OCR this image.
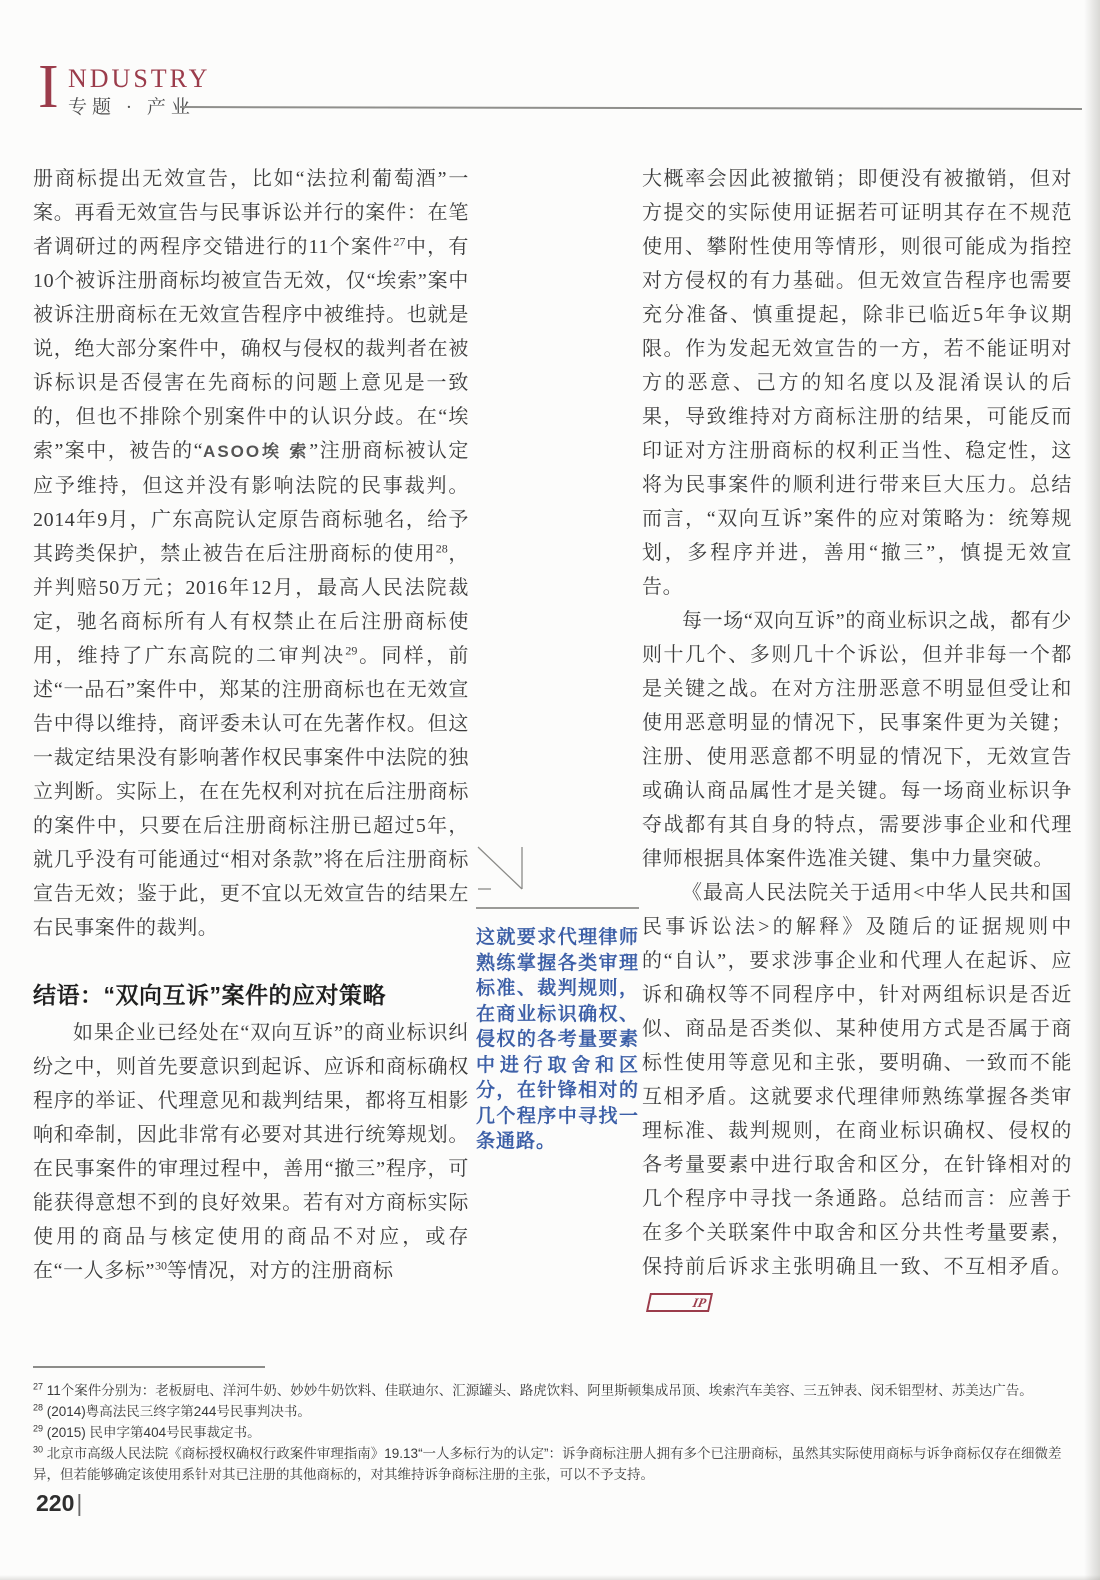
I NDUSTRY
专题 · 产业

册商标提出无效宣告，比如“法拉利葡萄酒”一案。再看无效宣告与民事诉讼并行的案件：在笔者调研过的两程序交错进行的11个案件$^{27}$中，有10个被诉注册商标均被宣告无效，仅“埃索”案中被诉注册商标在无效宣告程序中被维持。也就是说，绝大部分案件中，确权与侵权的裁判者在被诉标识是否侵害在先商标的问题上意见是一致的，但也不排除个别案件中的认识分歧。在“埃索”案中，被告的“ASOO埃 索”注册商标被认定应予维持，但这并没有影响法院的民事裁判。2014年9月，广东高院认定原告商标驰名，给予其跨类保护，禁止被告在后注册商标的使用$^{28}$，并判赔50万元；2016年12月，最高人民法院裁定，驰名商标所有人有权禁止在后注册商标使用，维持了广东高院的二审判决$^{29}$。同样，前述“一品石”案件中，郑某的注册商标也在无效宣告中得以维持，商评委未认可在先著作权。但这一裁定结果没有影响著作权民事案件中法院的独立判断。实际上，在在先权利对抗在后注册商标的案件中，只要在后注册商标注册已超过5年，就几乎没有可能通过“相对条款”将在后注册商标宣告无效；鉴于此，更不宜以无效宣告的结果左右民事案件的裁判。

结语：“双向互诉”案件的应对策略

如果企业已经处在“双向互诉”的商业标识纠纷之中，则首先要意识到起诉、应诉和商标确权程序的举证、代理意见和裁判结果，都将互相影响和牵制，因此非常有必要对其进行统筹规划。在民事案件的审理过程中，善用“撤三”程序，可能获得意想不到的良好效果。若有对方商标实际使用的商品与核定使用的商品不对应，或存在“一人多标”$^{30}$等情况，对方的注册商标

大概率会因此被撤销；即便没有被撤销，但对方提交的实际使用证据若可证明其存在不规范使用、攀附性使用等情形，则很可能成为指控对方侵权的有力基础。但无效宣告程序也需要充分准备、慎重提起，除非已临近5年争议期限。作为发起无效宣告的一方，若不能证明对方的恶意、己方的知名度以及混淆误认的后果，导致维持对方商标注册的结果，可能反而印证对方注册商标的权利正当性、稳定性，这将为民事案件的顺利进行带来巨大压力。总结而言，“双向互诉”案件的应对策略为：统筹规划，多程序并进，善用“撤三”，慎提无效宣告。

每一场“双向互诉”的商业标识之战，都有少则十几个、多则几十个诉讼，但并非每一个都是关键之战。在对方注册恶意不明显但受让和使用恶意明显的情况下，民事案件更为关键；注册、使用恶意都不明显的情况下，无效宣告或确认商品属性才是关键。每一场商业标识争夺战都有其自身的特点，需要涉事企业和代理律师根据具体案件选准关键、集中力量突破。

《最高人民法院关于适用<中华人民共和国民事诉讼法>的解释》及随后的证据规则中的“自认”，要求涉事企业和代理人在起诉、应诉和确权等不同程序中，针对两组标识是否近似、商品是否类似、某种使用方式是否属于商标性使用等意见和主张，要明确、一致而不能互相矛盾。这就要求代理律师熟练掌握各类审理标准、裁判规则，在商业标识确权、侵权的各考量要素中进行取舍和区分，在针锋相对的几个程序中寻找一条通路。总结而言：应善于在多个关联案件中取舍和区分共性考量要素，保持前后诉求主张明确且一致、不互相矛盾。IP

这就要求代理律师熟练掌握各类审理标准、裁判规则，在商业标识确权、侵权的各考量要素中进行取舍和区分，在针锋相对的几个程序中寻找一条通路。

$^{27}$ 11个案件分别为：老板厨电、洋河牛奶、妙妙牛奶饮料、佳联迪尔、汇源罐头、路虎饮料、阿里斯顿集成吊顶、埃索汽车美容、三五钟表、闵禾铝型材、苏美达广告。

$^{28}$ (2014)粤高法民三终字第244号民事判决书。

$^{29}$ (2015) 民申字第404号民事裁定书。

$^{30}$ 北京市高级人民法院《商标授权确权行政案件审理指南》19.13“一人多标行为的认定”：诉争商标注册人拥有多个已注册商标，虽然其实际使用商标与诉争商标仅存在细微差异，但若能够确定该使用系针对其已注册的其他商标的，对其维持诉争商标注册的主张，可以不予支持。

220|
